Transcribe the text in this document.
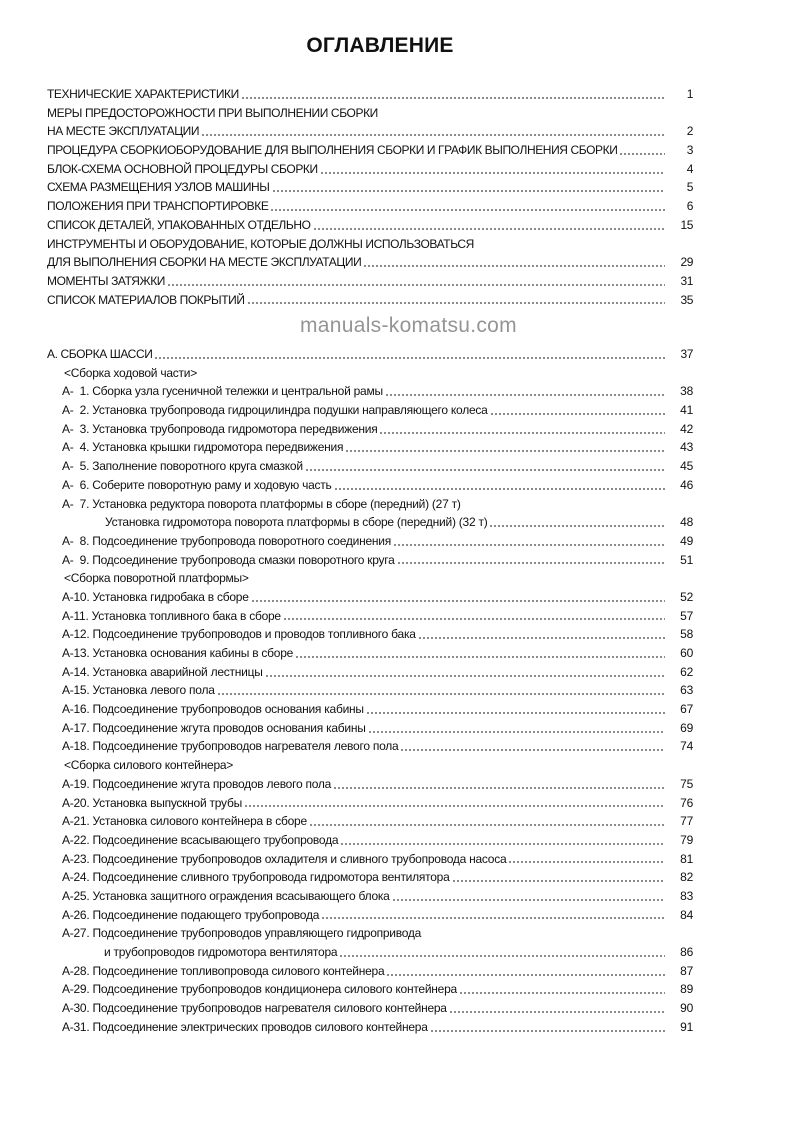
ОГЛАВЛЕНИЕ
ТЕХНИЧЕСКИЕ ХАРАКТЕРИСТИКИ	1
МЕРЫ ПРЕДОСТОРОЖНОСТИ ПРИ ВЫПОЛНЕНИИ СБОРКИ
НА МЕСТЕ ЭКСПЛУАТАЦИИ	2
ПРОЦЕДУРА СБОРКИОБОРУДОВАНИЕ ДЛЯ ВЫПОЛНЕНИЯ СБОРКИ И ГРАФИК ВЫПОЛНЕНИЯ СБОРКИ	3
БЛОК-СХЕМА ОСНОВНОЙ ПРОЦЕДУРЫ СБОРКИ	4
СХЕМА РАЗМЕЩЕНИЯ УЗЛОВ МАШИНЫ	5
ПОЛОЖЕНИЯ ПРИ ТРАНСПОРТИРОВКЕ	6
СПИСОК ДЕТАЛЕЙ, УПАКОВАННЫХ ОТДЕЛЬНО	15
ИНСТРУМЕНТЫ И ОБОРУДОВАНИЕ, КОТОРЫЕ ДОЛЖНЫ ИСПОЛЬЗОВАТЬСЯ
ДЛЯ ВЫПОЛНЕНИЯ СБОРКИ НА МЕСТЕ ЭКСПЛУАТАЦИИ	29
МОМЕНТЫ ЗАТЯЖКИ	31
СПИСОК МАТЕРИАЛОВ ПОКРЫТИЙ	35
manuals-komatsu.com
А. СБОРКА ШАССИ	37
<Сборка ходовой части>
А-  1. Сборка узла гусеничной тележки и центральной рамы	38
А-  2. Установка трубопровода гидроцилиндра подушки направляющего колеса	41
А-  3. Установка трубопровода гидромотора передвижения	42
А-  4. Установка крышки гидромотора передвижения	43
А-  5. Заполнение поворотного круга смазкой	45
А-  6. Соберите поворотную раму и ходовую часть	46
А-  7. Установка редуктора поворота платформы в сборе (передний) (27 т)
Установка гидромотора поворота платформы в сборе (передний) (32 т)	48
А-  8. Подсоединение трубопровода поворотного соединения	49
А-  9. Подсоединение трубопровода смазки поворотного круга	51
<Сборка поворотной платформы>
А-10. Установка гидробака в сборе	52
А-11. Установка топливного бака в сборе	57
А-12. Подсоединение трубопроводов и проводов топливного бака	58
А-13. Установка основания кабины в сборе	60
А-14. Установка аварийной лестницы	62
А-15. Установка левого пола	63
А-16. Подсоединение трубопроводов основания кабины	67
А-17. Подсоединение жгута проводов основания кабины	69
А-18. Подсоединение трубопроводов нагревателя левого пола	74
<Сборка силового контейнера>
А-19. Подсоединение жгута проводов левого пола	75
А-20. Установка выпускной трубы	76
А-21. Установка силового контейнера в сборе	77
А-22. Подсоединение всасывающего трубопровода	79
А-23. Подсоединение трубопроводов охладителя и сливного трубопровода насоса	81
А-24. Подсоединение сливного трубопровода гидромотора вентилятора	82
А-25. Установка защитного ограждения всасывающего блока	83
А-26. Подсоединение подающего трубопровода	84
А-27. Подсоединение трубопроводов управляющего гидропривода
и трубопроводов гидромотора вентилятора	86
А-28. Подсоединение топливопровода силового контейнера	87
А-29. Подсоединение трубопроводов кондиционера силового контейнера	89
А-30. Подсоединение трубопроводов нагревателя силового контейнера	90
А-31. Подсоединение электрических проводов силового контейнера	91
